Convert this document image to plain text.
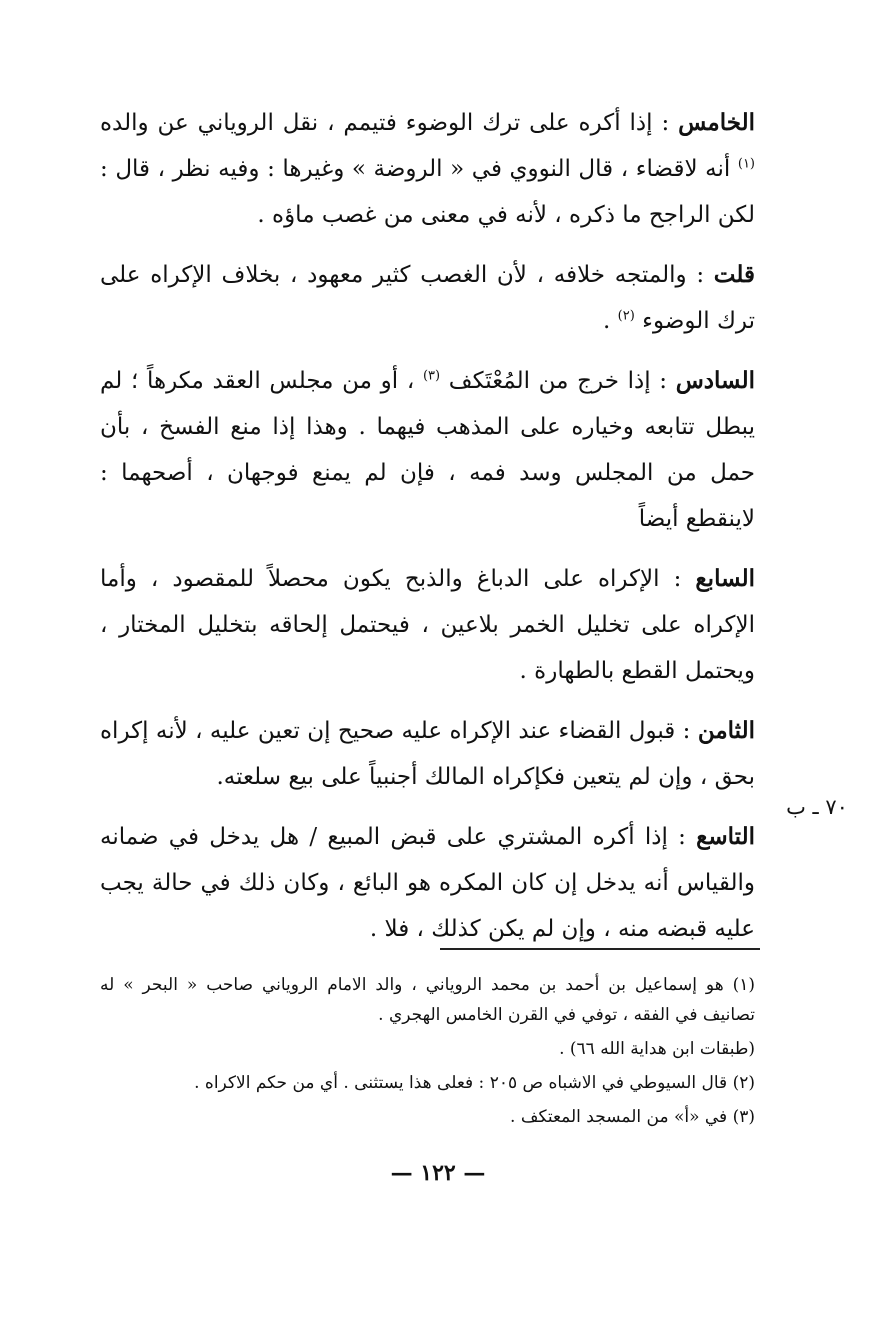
الخامس : إذا أكره على ترك الوضوء فتيمم ، نقل الروياني عن والده $^{(١)}$ أنه لاقضاء ، قال النووي في « الروضة » وغيرها : وفيه نظر ، قال : لكن الراجح ما ذكره ، لأنه في معنى من غصب ماؤه .

قلت : والمتجه خلافه ، لأن الغصب كثير معهود ، بخلاف الإكراه على ترك الوضوء $^{(٢)}$ .

السادس : إذا خرج من المُعْتَكف $^{(٣)}$ ، أو من مجلس العقد مكرهاً ؛ لم يبطل تتابعه وخياره على المذهب فيهما . وهذا إذا منع الفسخ ، بأن حمل من المجلس وسد فمه ، فإن لم يمنع فوجهان ، أصحهما : لاينقطع أيضاً

السابع : الإكراه على الدباغ والذبح يكون محصلاً للمقصود ، وأما الإكراه على تخليل الخمر بلاعين ، فيحتمل إلحاقه بتخليل المختار ، ويحتمل القطع بالطهارة .

الثامن : قبول القضاء عند الإكراه عليه صحيح إن تعين عليه ، لأنه إكراه بحق ، وإن لم يتعين فكإكراه المالك أجنبياً على بيع سلعته.

التاسع : إذا أكره المشتري على قبض المبيع / هل يدخل في ضمانه والقياس أنه يدخل إن كان المكره هو البائع ، وكان ذلك في حالة يجب عليه قبضه منه ، وإن لم يكن كذلك ، فلا .

٧٠ ـ ب

(١) هو إسماعيل بن أحمد بن محمد الروياني ، والد الامام الروياني صاحب « البحر » له تصانيف في الفقه ، توفي في القرن الخامس الهجري .

(طبقات ابن هداية الله ٦٦) .

(٢) قال السيوطي في الاشباه ص ٢٠٥ : فعلى هذا يستثنى . أي من حكم الاكراه .

(٣) في «أ» من المسجد المعتكف .

— ١٢٢ —
